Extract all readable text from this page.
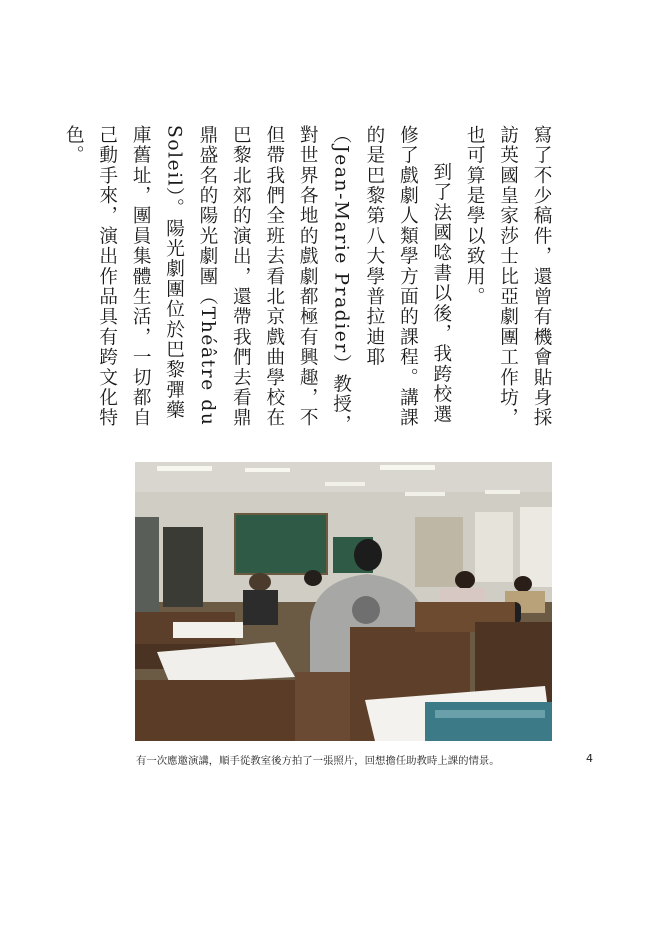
寫了不少稿件，還曾有機會貼身採訪英國皇家莎士比亞劇團工作坊，也可算是學以致用。

到了法國唸書以後，我跨校選修了戲劇人類學方面的課程。講課的是巴黎第八大學普拉迪耶（Jean-Marie Pradier）教授，對世界各地的戲劇都極有興趣，不但帶我們全班去看北京戲曲學校在巴黎北郊的演出，還帶我們去看鼎鼎盛名的陽光劇團（Théâtre du Soleil）。陽光劇團位於巴黎彈藥庫舊址，團員集體生活，一切都自己動手來，演出作品具有跨文化特色。

有一次應邀演講，順手從教室後方拍了一張照片，回想擔任助教時上課的情景。	4
